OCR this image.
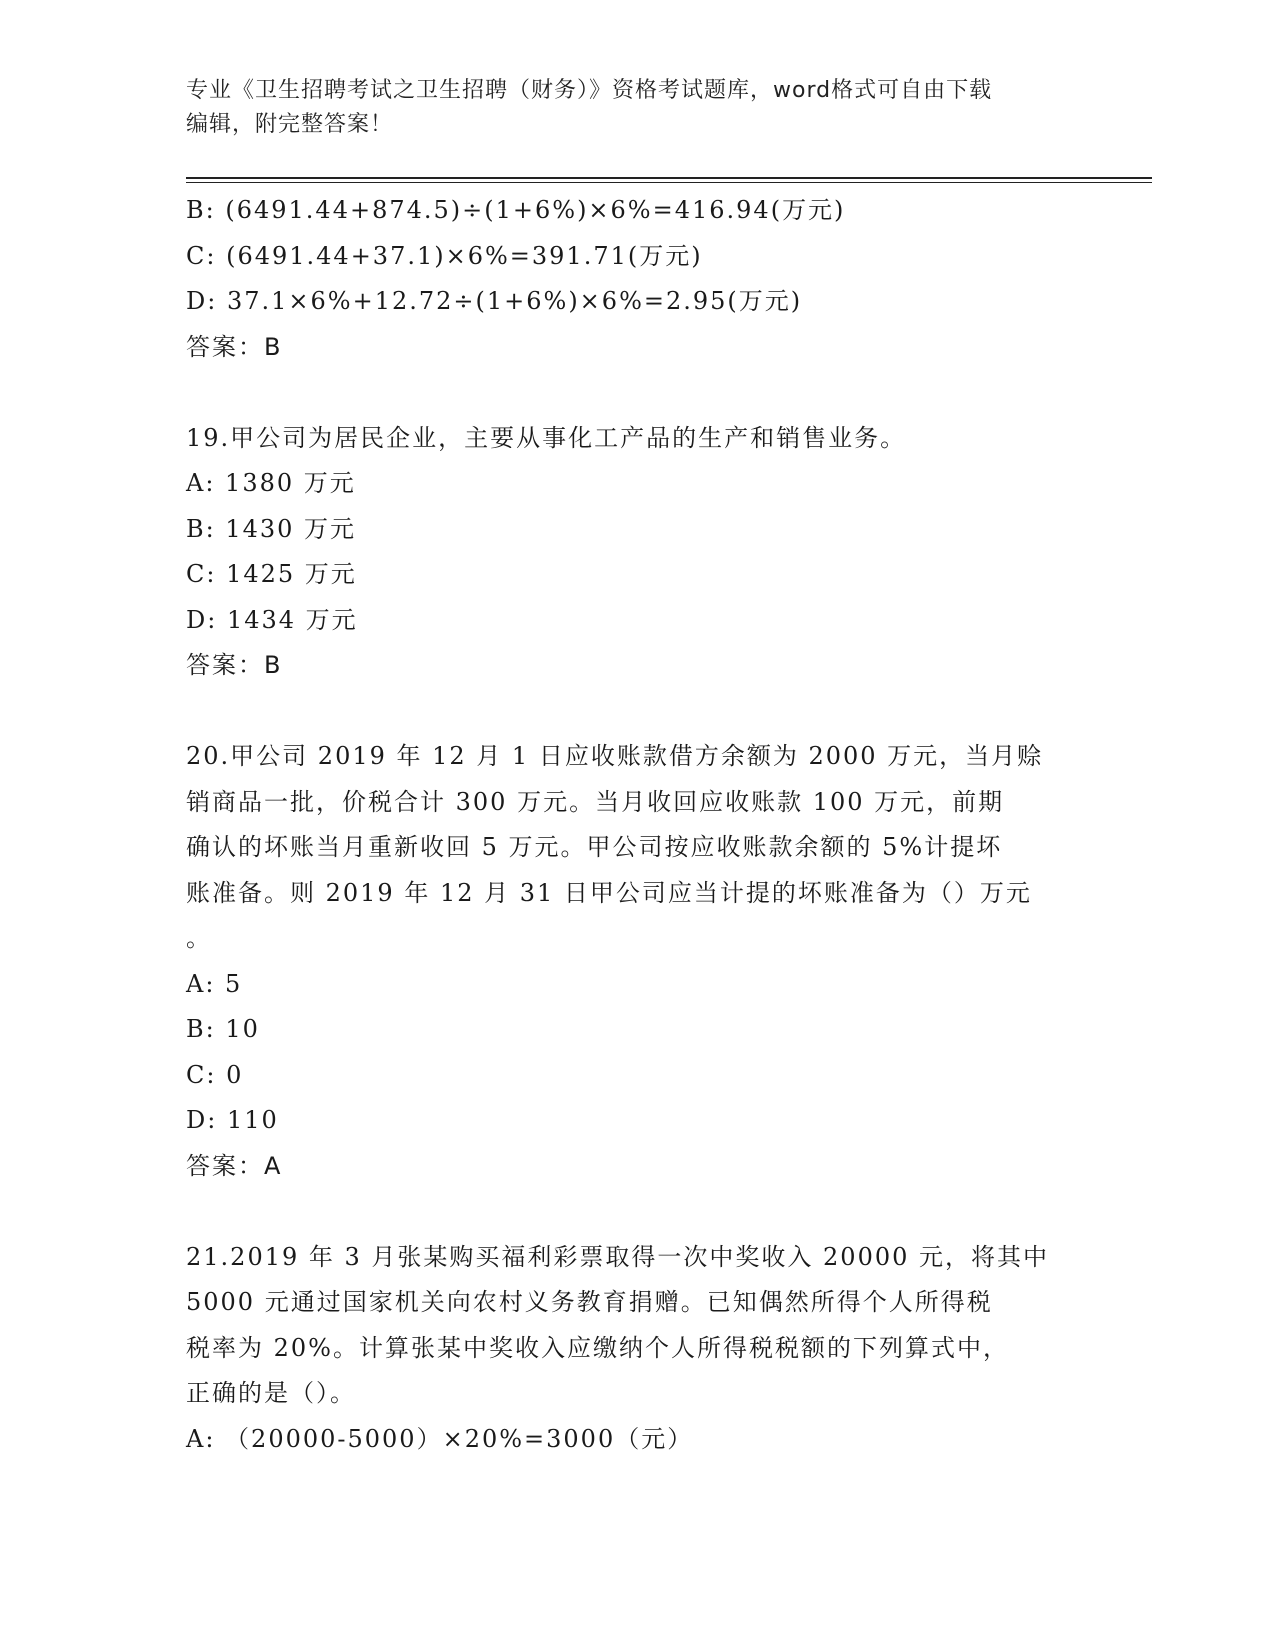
专业《卫生招聘考试之卫生招聘（财务）》资格考试题库，word格式可自由下载
编辑，附完整答案！
B: (6491.44+874.5)÷(1+6%)×6%=416.94(万元)
C: (6491.44+37.1)×6%=391.71(万元)
D: 37.1×6%+12.72÷(1+6%)×6%=2.95(万元)
答案：B
19.甲公司为居民企业，主要从事化工产品的生产和销售业务。
A: 1380 万元
B: 1430 万元
C: 1425 万元
D: 1434 万元
答案：B
20.甲公司 2019 年 12 月 1 日应收账款借方余额为 2000 万元，当月赊
销商品一批，价税合计 300 万元。当月收回应收账款 100 万元，前期
确认的坏账当月重新收回 5 万元。甲公司按应收账款余额的 5%计提坏
账准备。则 2019 年 12 月 31 日甲公司应当计提的坏账准备为（）万元
。
A: 5
B: 10
C: 0
D: 110
答案：A
21.2019 年 3 月张某购买福利彩票取得一次中奖收入 20000 元，将其中
5000 元通过国家机关向农村义务教育捐赠。已知偶然所得个人所得税
税率为 20%。计算张某中奖收入应缴纳个人所得税税额的下列算式中，
正确的是（）。
A: （20000-5000）×20%=3000（元）
